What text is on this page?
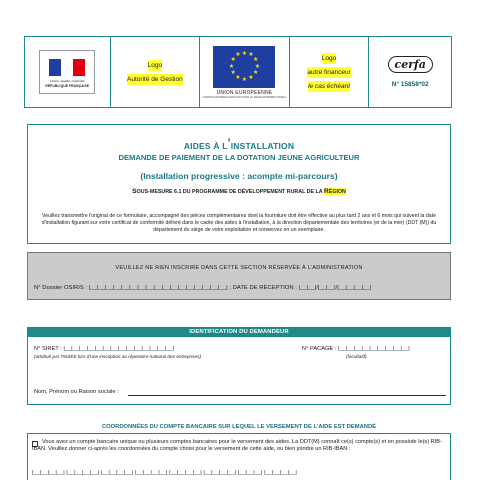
Liberté • Égalité • Fraternité
RÉPUBLIQUE FRANÇAISE
Logo
Autorité de Gestion
★ ★
★
★
★
★
★
★
★
★
★
★
UNION EUROPEENNE
FONDS EUROPÉEN AGRICOLE POUR LE DÉVELOPPEMENT RURAL
Logo
autre financeur
le cas échéant
cerfa
N° 15858*02
AIDES À L'INSTALLATION
DEMANDE DE PAIEMENT DE LA DOTATION JEUNE AGRICULTEUR
(Installation progressive : acompte mi-parcours)
SOUS-MESURE 6.1 DU PROGRAMME DE DÉVELOPPEMENT RURAL DE LA RÉGION
Veuillez transmettre l'original de ce formulaire, accompagné des pièces complémentaires dont la fourniture doit être effective au plus tard 2 ans et 6 mois qui suivent la date d'installation figurant sur votre certificat de conformité délivré dans le cadre des aides à l'installation, à la direction départementale des territoires (et de la mer) (DDT (M)) du département du siège de votre exploitation et conservez en un exemplaire.
VEUILLEZ NE RIEN INSCRIRE DANS CETTE SECTION RÉSERVÉE À L'ADMINISTRATION
N° Dossier OSIRIS : |__|__|__|__|__|__|__|__|__|__|__|__|__|__|__|__|__| ; DATE DE RÉCEPTION : |__|__|/|__|__|/|__|__|__|__|
IDENTIFICATION DU DEMANDEUR
N° SIRET : |__|__|__|__|__|__|__|__|__|__|__|__|__|__|
(attribué par l'INSEE lors d'une inscription au répertoire national des entreprises)
N° PACAGE : |__|__|__|__|__|__|__|__|__|
(facultatif)
Nom, Prénom ou Raison sociale :
COORDONNÉES DU COMPTE BANCAIRE SUR LEQUEL LE VERSEMENT DE L'AIDE EST DEMANDÉ
Vous avez un compte bancaire unique ou plusieurs comptes bancaires pour le versement des aides. La DDT(M) connaît ce(s) compte(s) et en possède le(s) RIB-IBAN. Veuillez donner ci-après les coordonnées du compte choisi pour le versement de cette aide, ou bien joindre un RIB-IBAN :
|__|__|__|__| |__|__|__|__| |__|__|__|__| |__|__|__|__| |__|__|__|__| |__|__|__|__| |__|__|__| |__|__|__|__|
